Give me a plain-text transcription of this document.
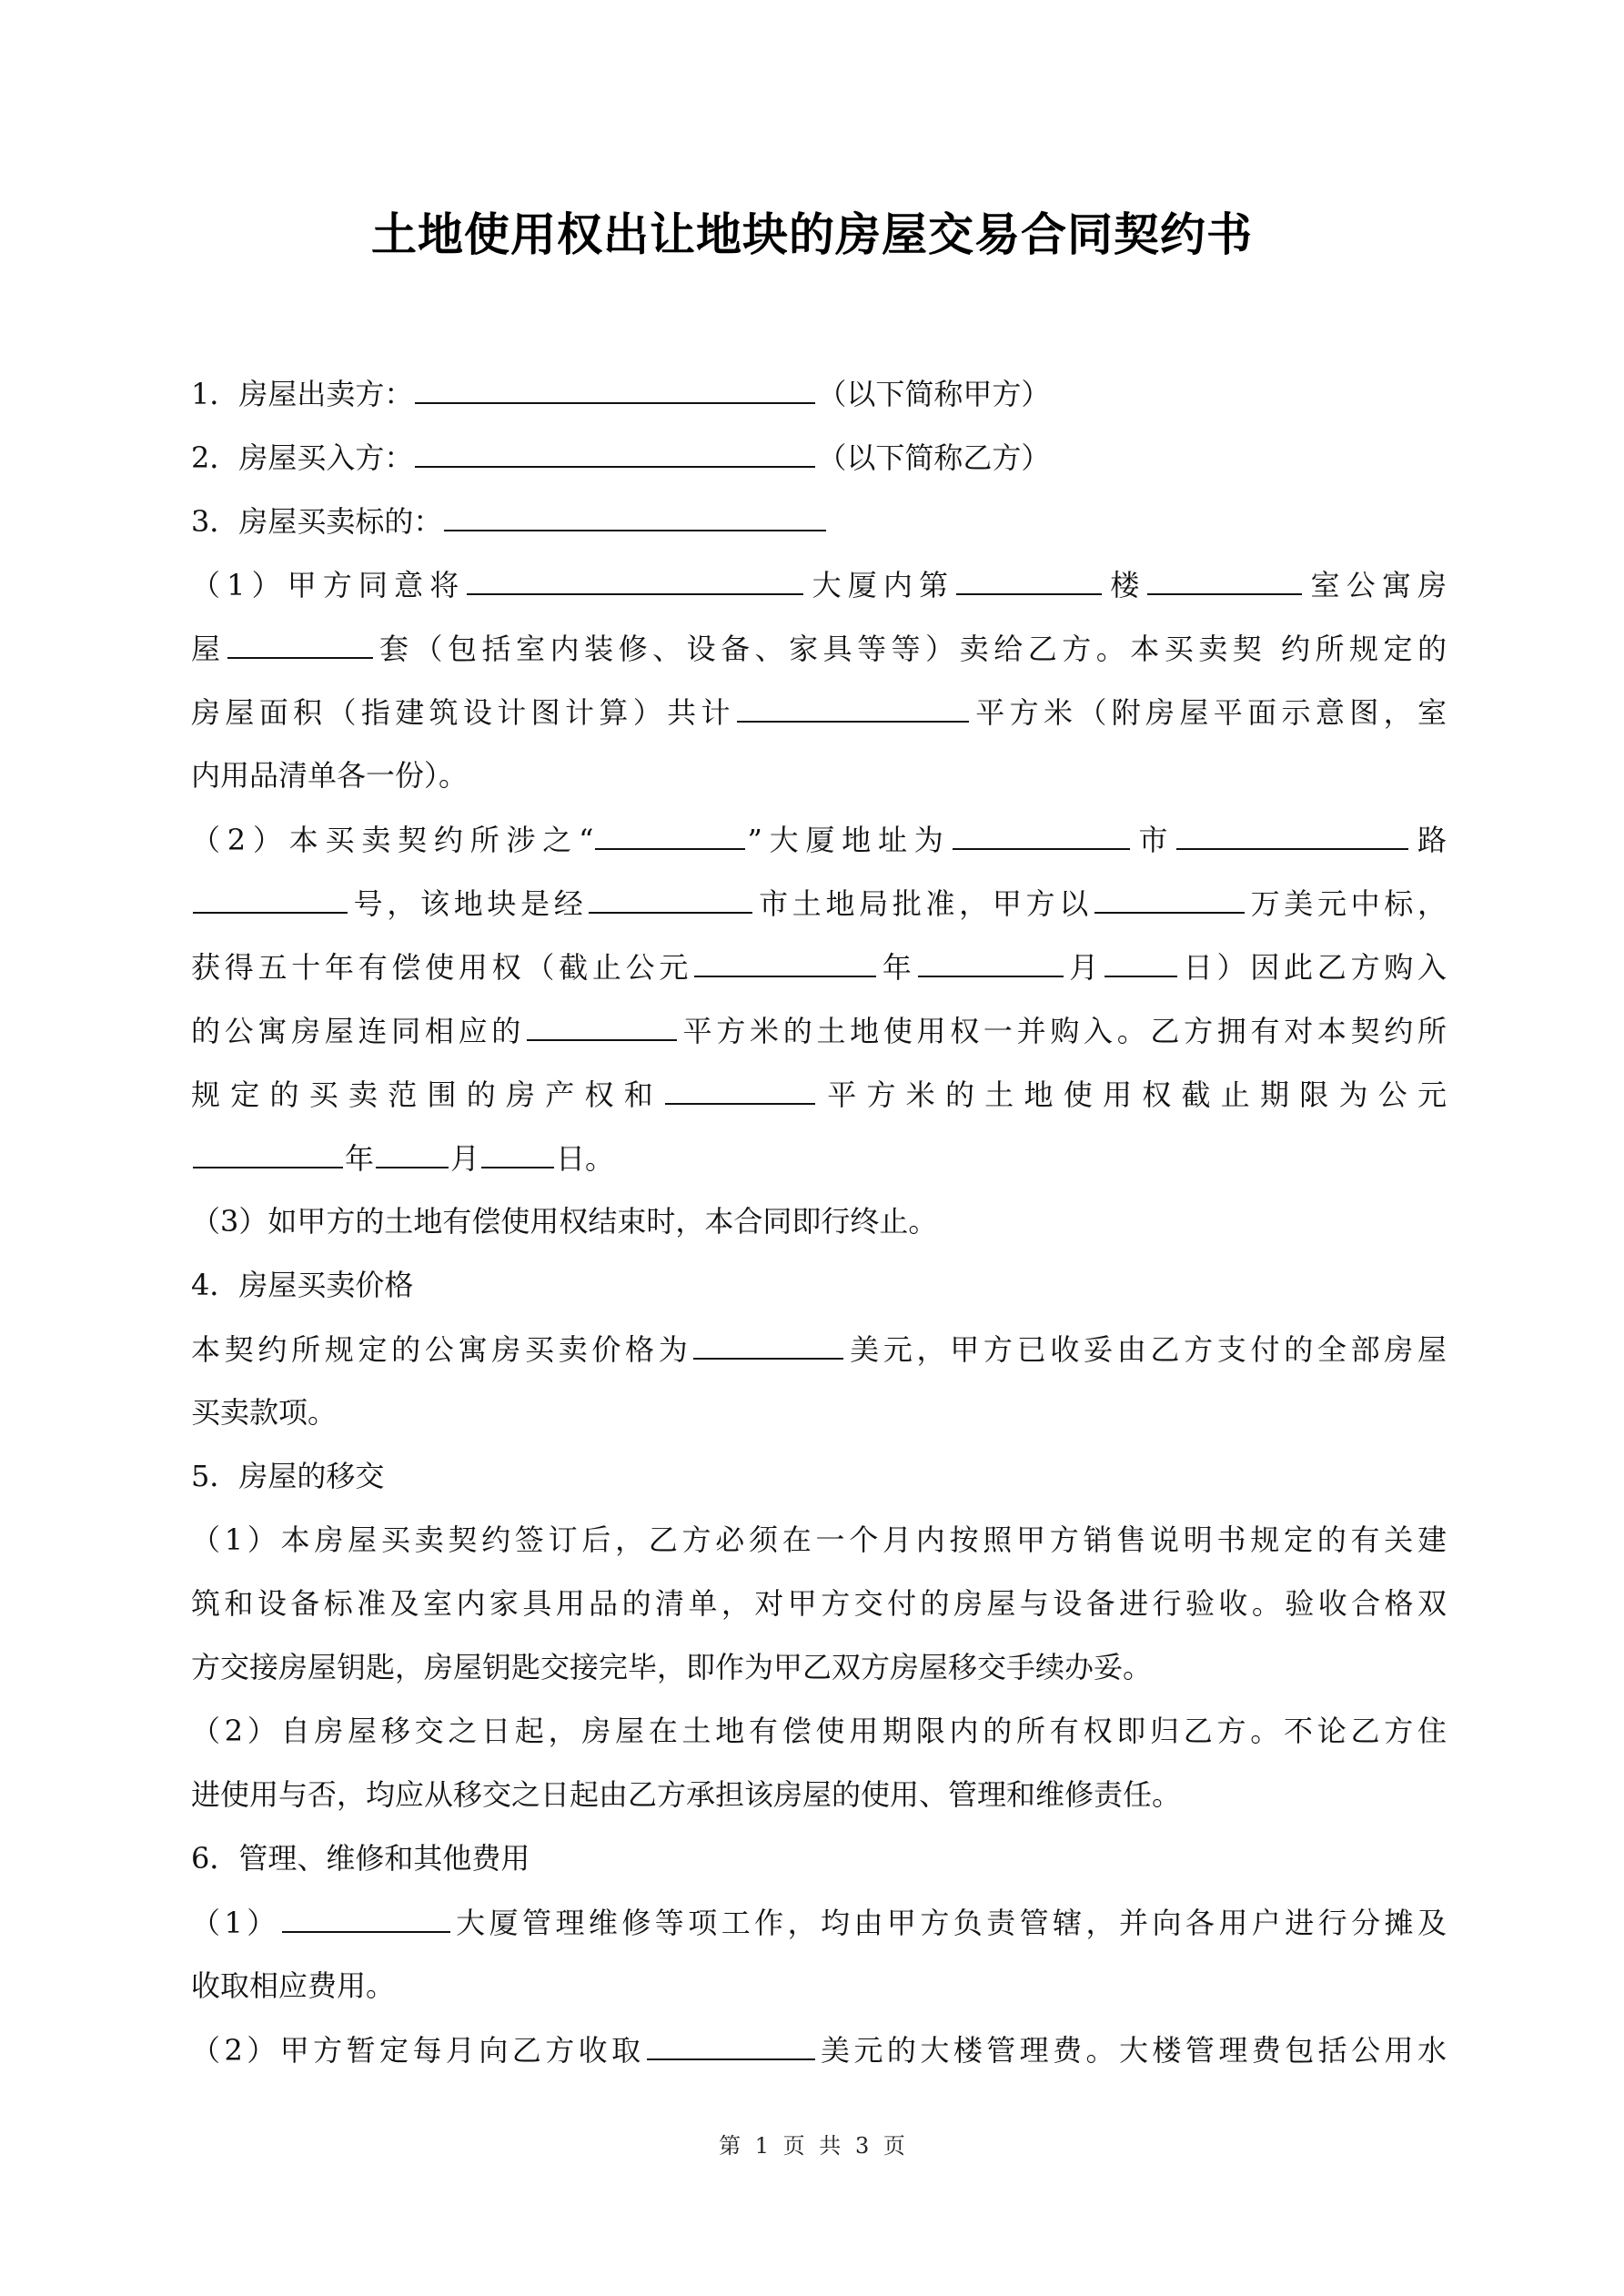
土地使用权出让地块的房屋交易合同契约书
1．房屋出卖方：	（以下简称甲方）
2．房屋买入方：	（以下简称乙方）
3．房屋买卖标的：
（1）甲方同意将	大厦内第	楼	室公寓房
屋	套（包括室内装修、设备、家具等等）卖给乙方。本买卖契 约所规定的
房屋面积（指建筑设计图计算）共计	平方米（附房屋平面示意图，室
内用品清单各一份）。
（2）本买卖契约所涉之“	”大厦地址为	市	路
号，该地块是经	市土地局批准，甲方以	万美元中标，
获得五十年有偿使用权（截止公元	年	月	日）因此乙方购入
的公寓房屋连同相应的	平方米的土地使用权一并购入。乙方拥有对本契约所
规定的买卖范围的房产权和	平方米的土地使用权截止期限为公元
年	月	日。
（3）如甲方的土地有偿使用权结束时，本合同即行终止。
4．房屋买卖价格
本契约所规定的公寓房买卖价格为	美元，甲方已收妥由乙方支付的全部房屋
买卖款项。
5．房屋的移交
（1）本房屋买卖契约签订后，乙方必须在一个月内按照甲方销售说明书规定的有关建
筑和设备标准及室内家具用品的清单，对甲方交付的房屋与设备进行验收。验收合格双
方交接房屋钥匙，房屋钥匙交接完毕，即作为甲乙双方房屋移交手续办妥。
（2）自房屋移交之日起，房屋在土地有偿使用期限内的所有权即归乙方。不论乙方住
进使用与否，均应从移交之日起由乙方承担该房屋的使用、管理和维修责任。
6．管理、维修和其他费用
（1）	大厦管理维修等项工作，均由甲方负责管辖，并向各用户进行分摊及
收取相应费用。
（2）甲方暂定每月向乙方收取	美元的大楼管理费。大楼管理费包括公用水
第 1 页 共 3 页
